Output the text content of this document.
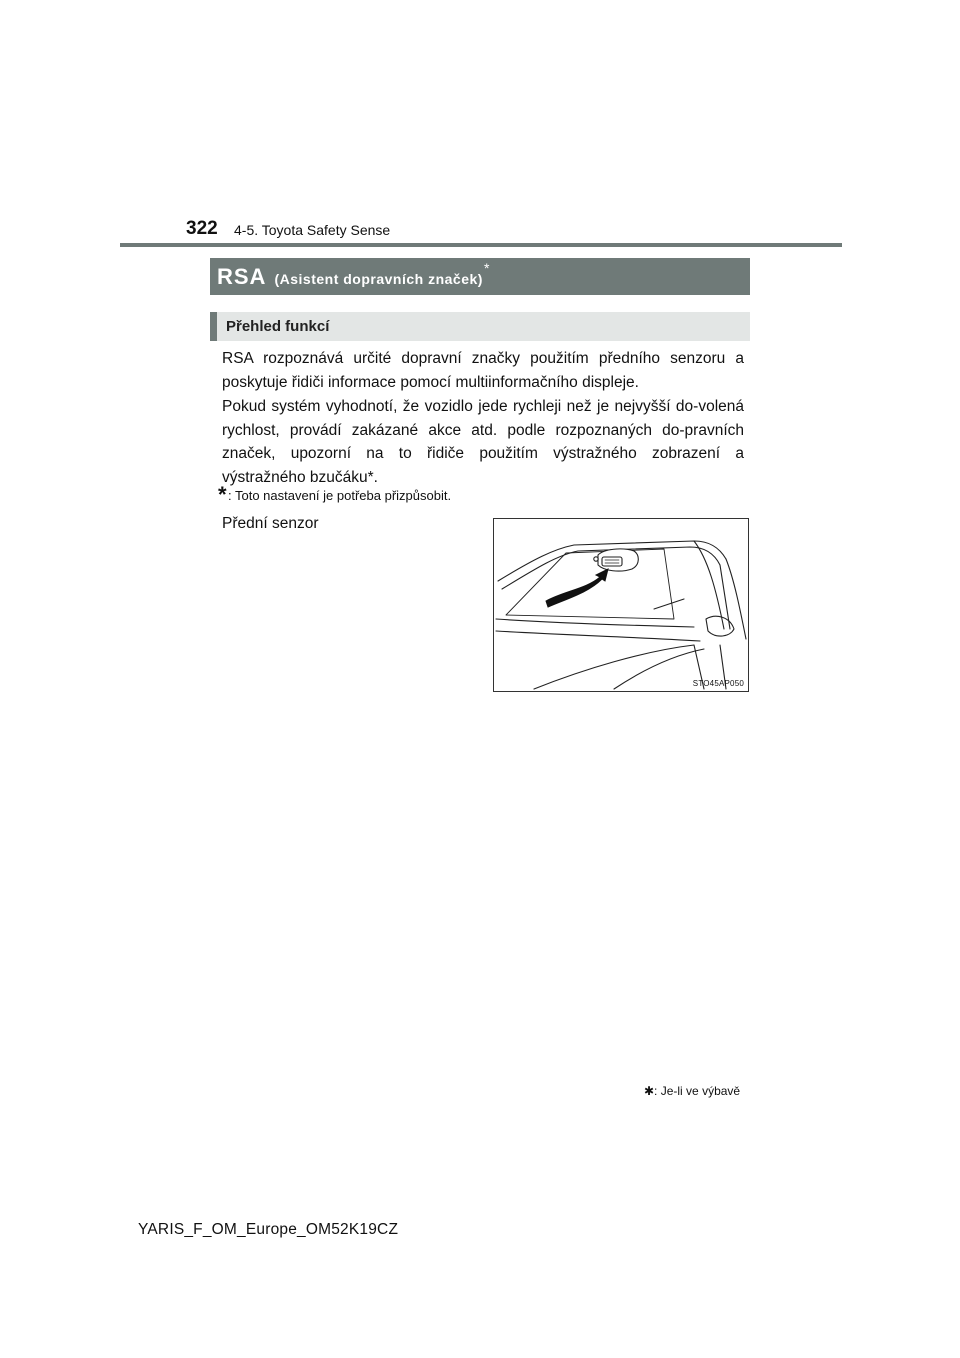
322 4-5. Toyota Safety Sense
RSA (Asistent dopravních značek)
*
Přehled funkcí

RSA rozpoznává určité dopravní značky použitím předního senzoru a poskytuje řidiči informace pomocí multiinformačního displeje.

Pokud systém vyhodnotí, že vozidlo jede rychleji než je nejvyšší do-volená rychlost, provádí zakázané akce atd. podle rozpoznaných do-pravních značek, upozorní na to řidiče použitím výstražného zobrazení a výstražného bzučáku*.

* : Toto nastavení je potřeba přizpůsobit.
Přední senzor
STO45AP050
✱: Je-li ve výbavě
YARIS_F_OM_Europe_OM52K19CZ
